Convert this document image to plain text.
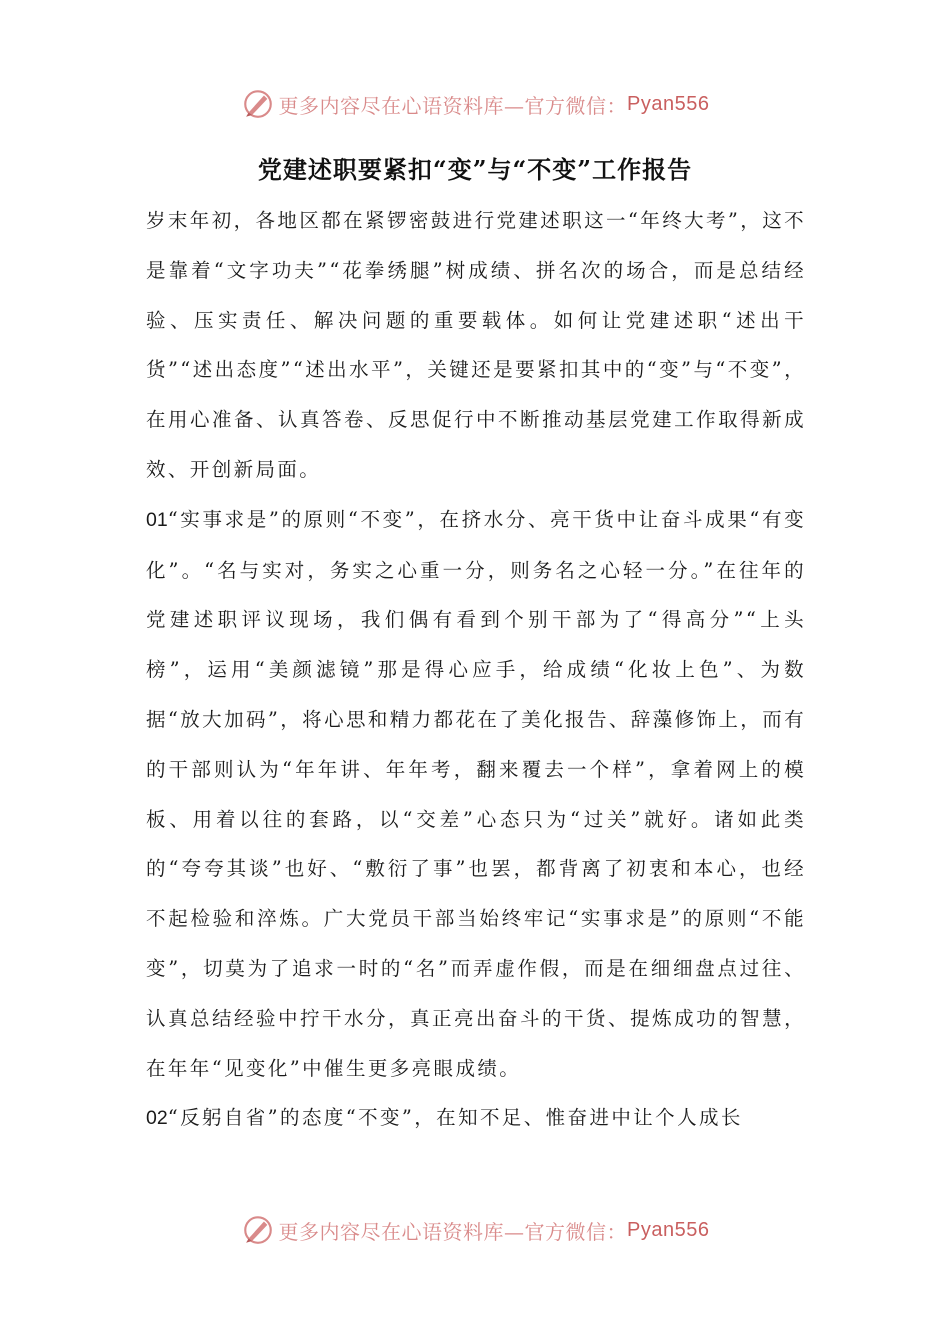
更多内容尽在心语资料库—官方微信： Pyan556
党建述职要紧扣“变”与“不变”工作报告

岁末年初，各地区都在紧锣密鼓进行党建述职这一“年终大考”，这不是靠着“文字功夫”“花拳绣腿”树成绩、拼名次的场合，而是总结经验、压实责任、解决问题的重要载体。如何让党建述职“述出干货”“述出态度”“述出水平”，关键还是要紧扣其中的“变”与“不变”，在用心准备、认真答卷、反思促行中不断推动基层党建工作取得新成效、开创新局面。

01“实事求是”的原则“不变”，在挤水分、亮干货中让奋斗成果“有变化”。“名与实对，务实之心重一分，则务名之心轻一分。”在往年的党建述职评议现场，我们偶有看到个别干部为了“得高分”“上头榜”，运用“美颜滤镜”那是得心应手，给成绩“化妆上色”、为数据“放大加码”，将心思和精力都花在了美化报告、辞藻修饰上，而有的干部则认为“年年讲、年年考，翻来覆去一个样”，拿着网上的模板、用着以往的套路，以“交差”心态只为“过关”就好。诸如此类的“夸夸其谈”也好、“敷衍了事”也罢，都背离了初衷和本心，也经不起检验和淬炼。广大党员干部当始终牢记“实事求是”的原则“不能变”，切莫为了追求一时的“名”而弄虚作假，而是在细细盘点过往、认真总结经验中拧干水分，真正亮出奋斗的干货、提炼成功的智慧，在年年“见变化”中催生更多亮眼成绩。

02“反躬自省”的态度“不变”，在知不足、惟奋进中让个人成长

更多内容尽在心语资料库—官方微信： Pyan556
